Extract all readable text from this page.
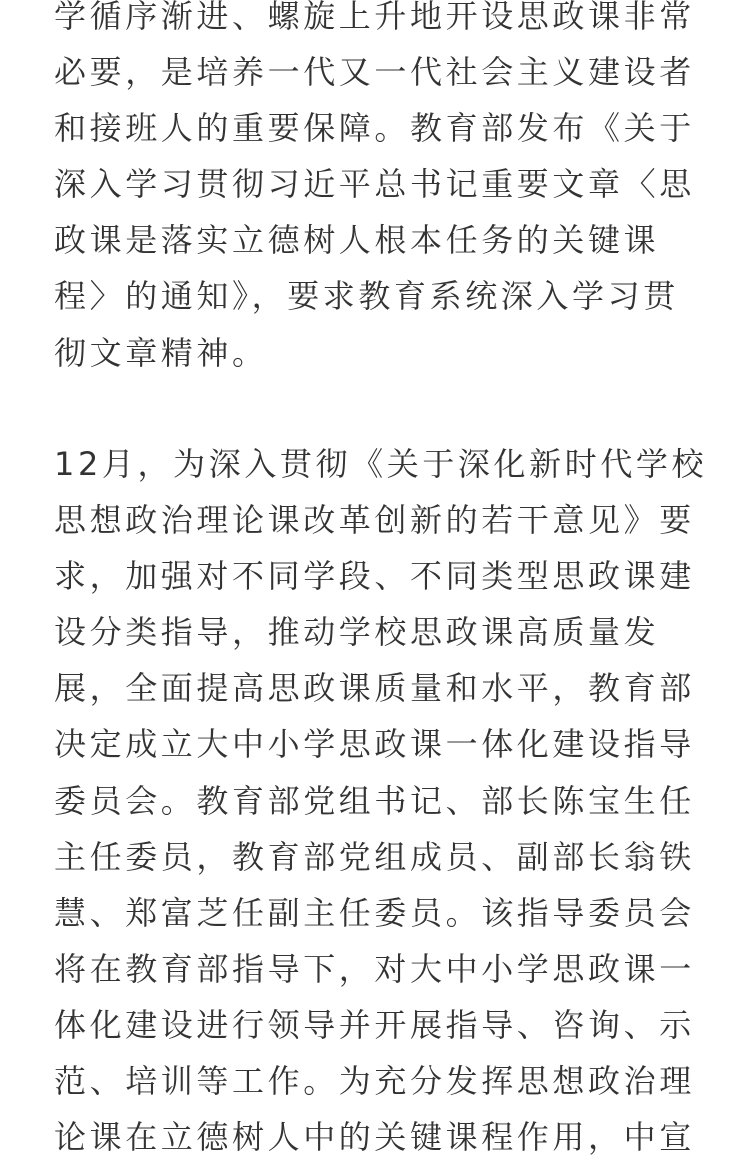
学循序渐进、螺旋上升地开设思政课非常
必要，是培养一代又一代社会主义建设者
和接班人的重要保障。教育部发布《关于
深入学习贯彻习近平总书记重要文章〈思
政课是落实立德树人根本任务的关键课
程〉的通知》，要求教育系统深入学习贯
彻文章精神。
12月，为深入贯彻《关于深化新时代学校
思想政治理论课改革创新的若干意见》要
求，加强对不同学段、不同类型思政课建
设分类指导，推动学校思政课高质量发
展，全面提高思政课质量和水平，教育部
决定成立大中小学思政课一体化建设指导
委员会。教育部党组书记、部长陈宝生任
主任委员，教育部党组成员、副部长翁铁
慧、郑富芝任副主任委员。该指导委员会
将在教育部指导下，对大中小学思政课一
体化建设进行领导并开展指导、咨询、示
范、培训等工作。为充分发挥思想政治理
论课在立德树人中的关键课程作用，中宣
